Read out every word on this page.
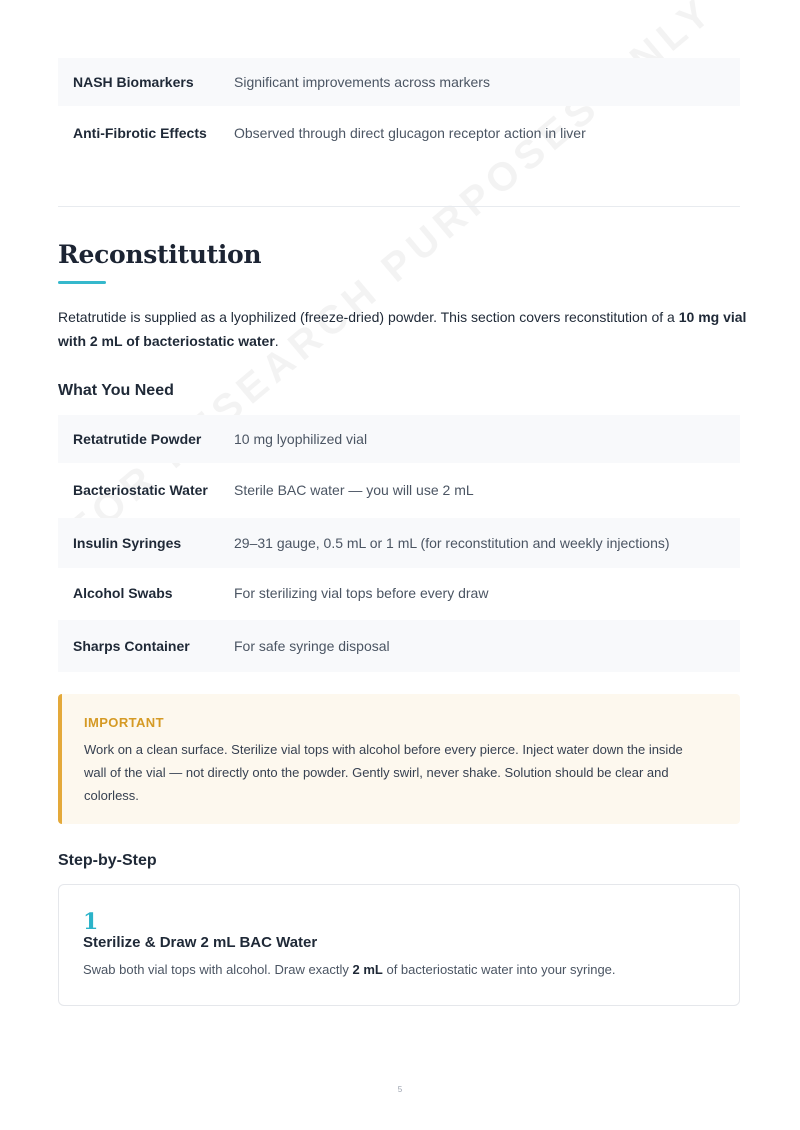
NASH Biomarkers	Significant improvements across markers
Anti-Fibrotic Effects	Observed through direct glucagon receptor action in liver
Reconstitution

Retatrutide is supplied as a lyophilized (freeze-dried) powder. This section covers reconstitution of a 10 mg vial with 2 mL of bacteriostatic water.

What You Need
Retatrutide Powder	10 mg lyophilized vial
Bacteriostatic Water	Sterile BAC water — you will use 2 mL
Insulin Syringes	29–31 gauge, 0.5 mL or 1 mL (for reconstitution and weekly injections)
Alcohol Swabs	For sterilizing vial tops before every draw
Sharps Container	For safe syringe disposal
IMPORTANT

Work on a clean surface. Sterilize vial tops with alcohol before every pierce. Inject water down the inside wall of the vial — not directly onto the powder. Gently swirl, never shake. Solution should be clear and colorless.

Step-by-Step
1
Sterilize & Draw 2 mL BAC Water

Swab both vial tops with alcohol. Draw exactly 2 mL of bacteriostatic water into your syringe.

5
